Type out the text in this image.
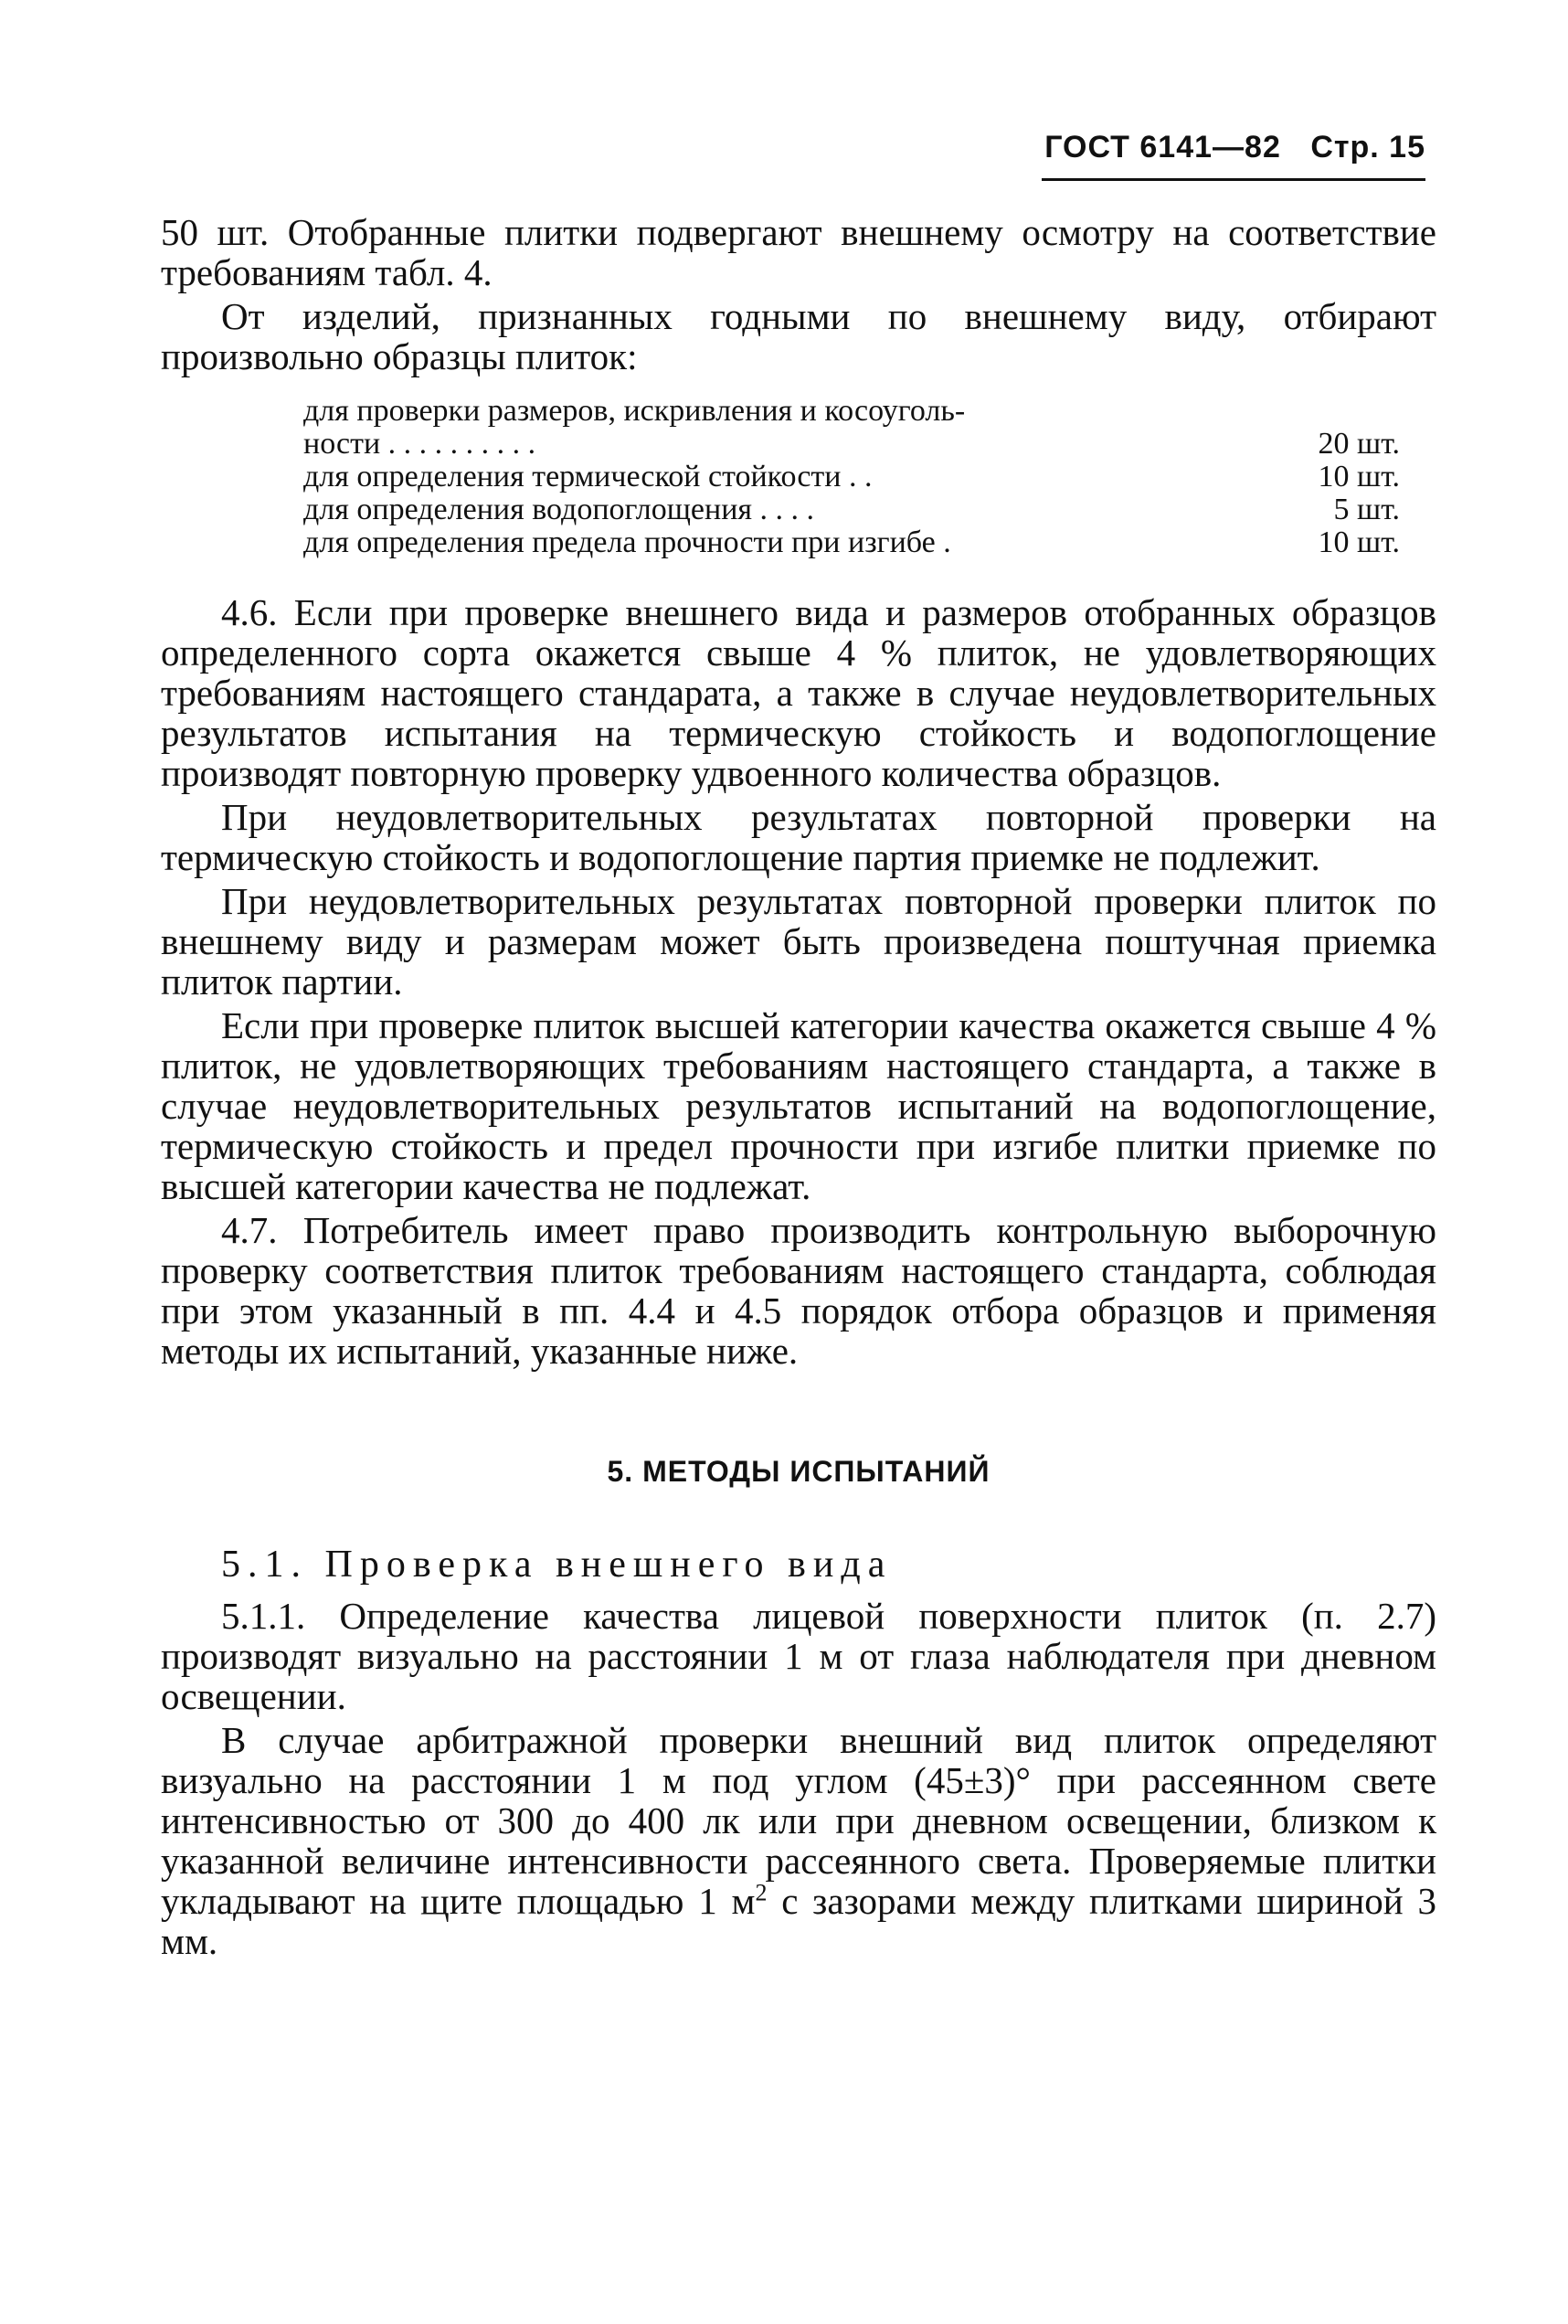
ГОСТ 6141—82 Стр. 15

50 шт. Отобранные плитки подвергают внешнему осмотру на соответствие требованиям табл. 4.

От изделий, признанных годными по внешнему виду, отбирают произвольно образцы плиток:

для проверки размеров, искривления и косоуголь-
ности . . . . . . . . . .	20 шт.
для определения термической стойкости . .	10 шт.
для определения водопоглощения . . . .	5 шт.
для определения предела прочности при изгибе .	10 шт.

4.6. Если при проверке внешнего вида и размеров отобранных образцов определенного сорта окажется свыше 4 % плиток, не удовлетворяющих требованиям настоящего стандарата, а также в случае неудовлетворительных результатов испытания на термическую стойкость и водопоглощение производят повторную проверку удвоенного количества образцов.

При неудовлетворительных результатах повторной проверки на термическую стойкость и водопоглощение партия приемке не подлежит.

При неудовлетворительных результатах повторной проверки плиток по внешнему виду и размерам может быть произведена поштучная приемка плиток партии.

Если при проверке плиток высшей категории качества окажется свыше 4 % плиток, не удовлетворяющих требованиям настоящего стандарта, а также в случае неудовлетворительных результатов испытаний на водопоглощение, термическую стойкость и предел прочности при изгибе плитки приемке по высшей категории качества не подлежат.

4.7. Потребитель имеет право производить контрольную выборочную проверку соответствия плиток требованиям настоящего стандарта, соблюдая при этом указанный в пп. 4.4 и 4.5 порядок отбора образцов и применяя методы их испытаний, указанные ниже.

5. МЕТОДЫ ИСПЫТАНИЙ

5.1. Проверка внешнего вида

5.1.1. Определение качества лицевой поверхности плиток (п. 2.7) производят визуально на расстоянии 1 м от глаза наблюдателя при дневном освещении.

В случае арбитражной проверки внешний вид плиток определяют визуально на расстоянии 1 м под углом (45±3)° при рассеянном свете интенсивностью от 300 до 400 лк или при дневном освещении, близком к указанной величине интенсивности рассеянного света. Проверяемые плитки укладывают на щите площадью 1 $м^2$ с зазорами между плитками шириной 3 мм.
